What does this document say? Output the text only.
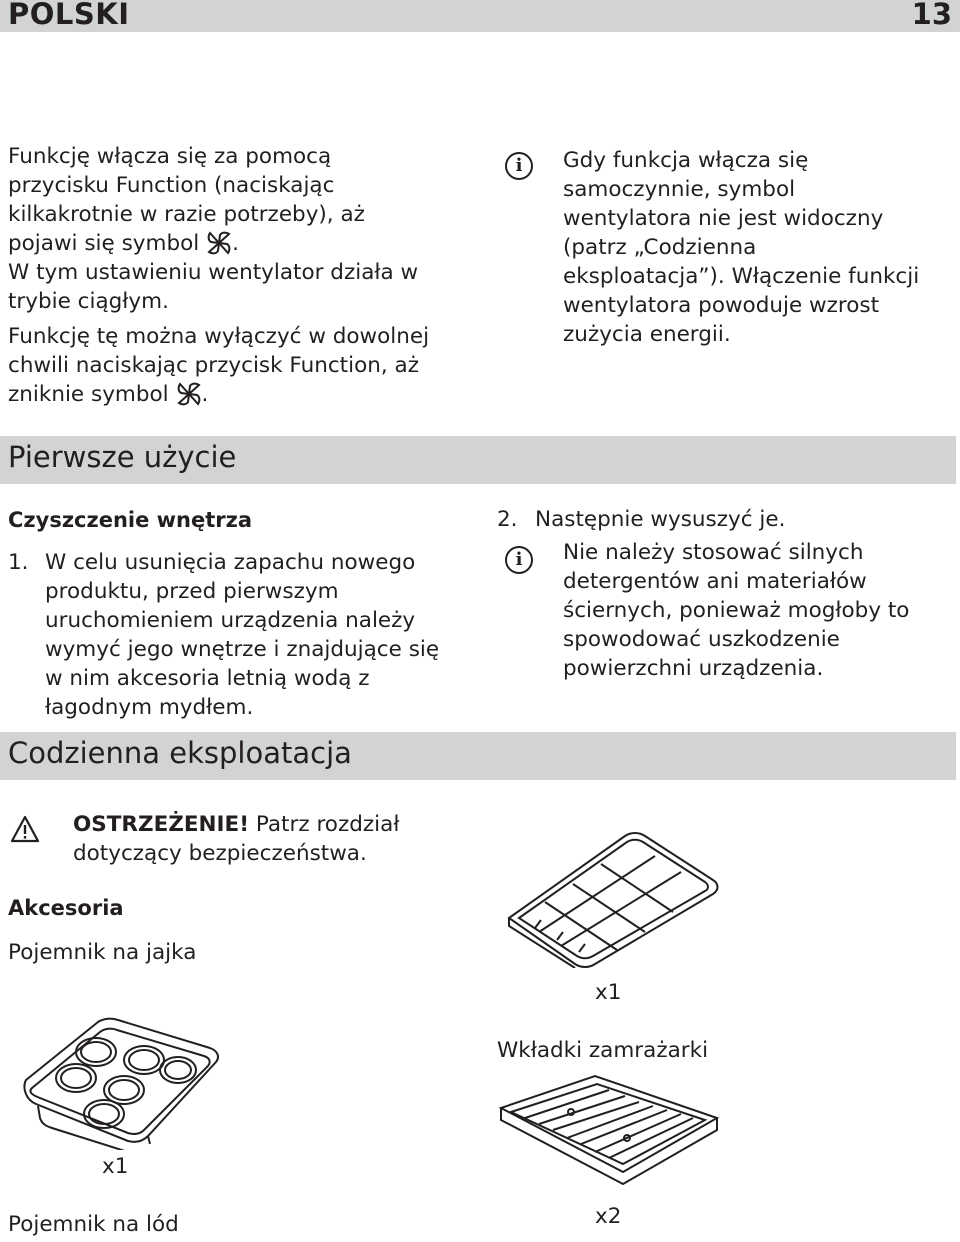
POLSKI	13

Funkcję włącza się za pomocą przycisku Function (naciskając kilkakrotnie w razie potrzeby), aż pojawi się symbol .

W tym ustawieniu wentylator działa w trybie ciągłym.

Funkcję tę można wyłączyć w dowolnej chwili naciskając przycisk Function, aż zniknie symbol .

i	Gdy funkcja włącza się samoczynnie, symbol wentylatora nie jest widoczny (patrz „Codzienna eksploatacja”). Włączenie funkcji wentylatora powoduje wzrost zużycia energii.
Pierwsze użycie
Czyszczenie wnętrza
1. W celu usunięcia zapachu nowego produktu, przed pierwszym uruchomieniem urządzenia należy wymyć jego wnętrze i znajdujące się w nim akcesoria letnią wodą z łagodnym mydłem.
2. Następnie wysuszyć je.
i	Nie należy stosować silnych detergentów ani materiałów ściernych, ponieważ mogłoby to spowodować uszkodzenie powierzchni urządzenia.
Codzienna eksploatacja
OSTRZEŻENIE! Patrz rozdział dotyczący bezpieczeństwa.
Akcesoria
Pojemnik na jajka
x1
Pojemnik na lód
x1
Wkładki zamrażarki
x2
